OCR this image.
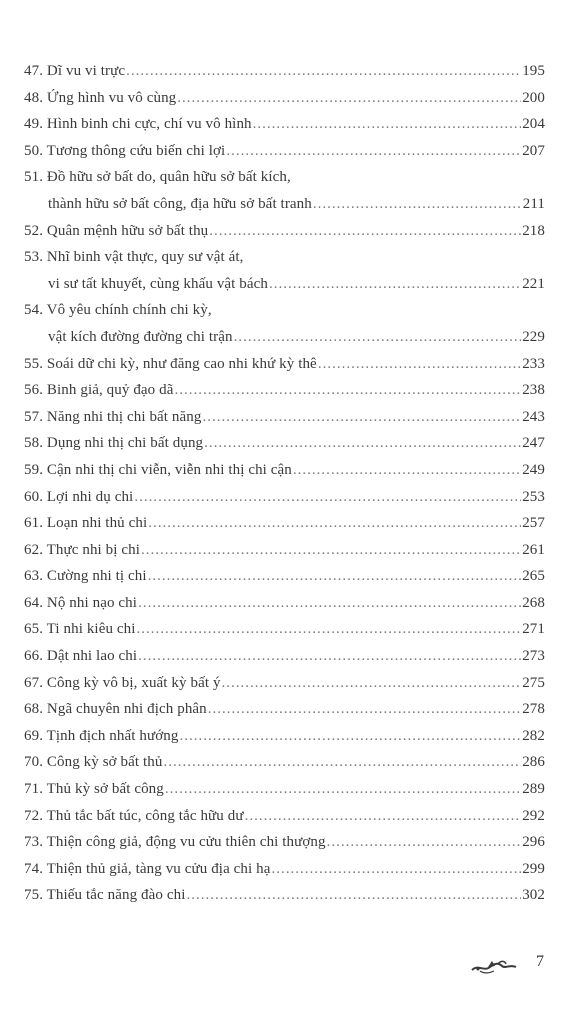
47. Dĩ vu vi trực .....	195
48. Ứng hình vu vô cùng .....	200
49. Hình binh chi cực, chí vu vô hình .....	204
50. Tương thông cứu biến chi lợi .....	207
51. Đồ hữu sở bất do, quân hữu sở bất kích,
thành hữu sở bất công, địa hữu sở bất tranh .....	211
52. Quân mệnh hữu sở bất thụ .....	218
53. Nhĩ binh vật thực, quy sư vật át,
vi sư tất khuyết, cùng khấu vật bách .....	221
54. Vô yêu chính chính chi kỳ,
vật kích đường đường chi trận .....	229
55. Soái dữ chi kỳ, như đăng cao nhi khứ kỳ thê .....	233
56. Binh giả, quỷ đạo dã .....	238
57. Năng nhi thị chi bất năng .....	243
58. Dụng nhi thị chi bất dụng .....	247
59. Cận nhi thị chi viễn, viễn nhi thị chi cận .....	249
60. Lợi nhi dụ chi .....	253
61. Loạn nhi thủ chi .....	257
62. Thực nhi bị chi .....	261
63. Cường nhi tị chi .....	265
64. Nộ nhi nạo chi .....	268
65. Ti nhi kiêu chi .....	271
66. Dật nhi lao chi .....	273
67. Công kỳ vô bị, xuất kỳ bất ý .....	275
68. Ngã chuyên nhi địch phân .....	278
69. Tịnh địch nhất hướng .....	282
70. Công kỳ sở bất thủ .....	286
71. Thủ kỳ sở bất công .....	289
72. Thủ tắc bất túc, công tắc hữu dư .....	292
73. Thiện công giả, động vu cửu thiên chi thượng .....	296
74. Thiện thủ giả, tàng vu cửu địa chi hạ .....	299
75. Thiếu tắc năng đào chi .....	302
7
